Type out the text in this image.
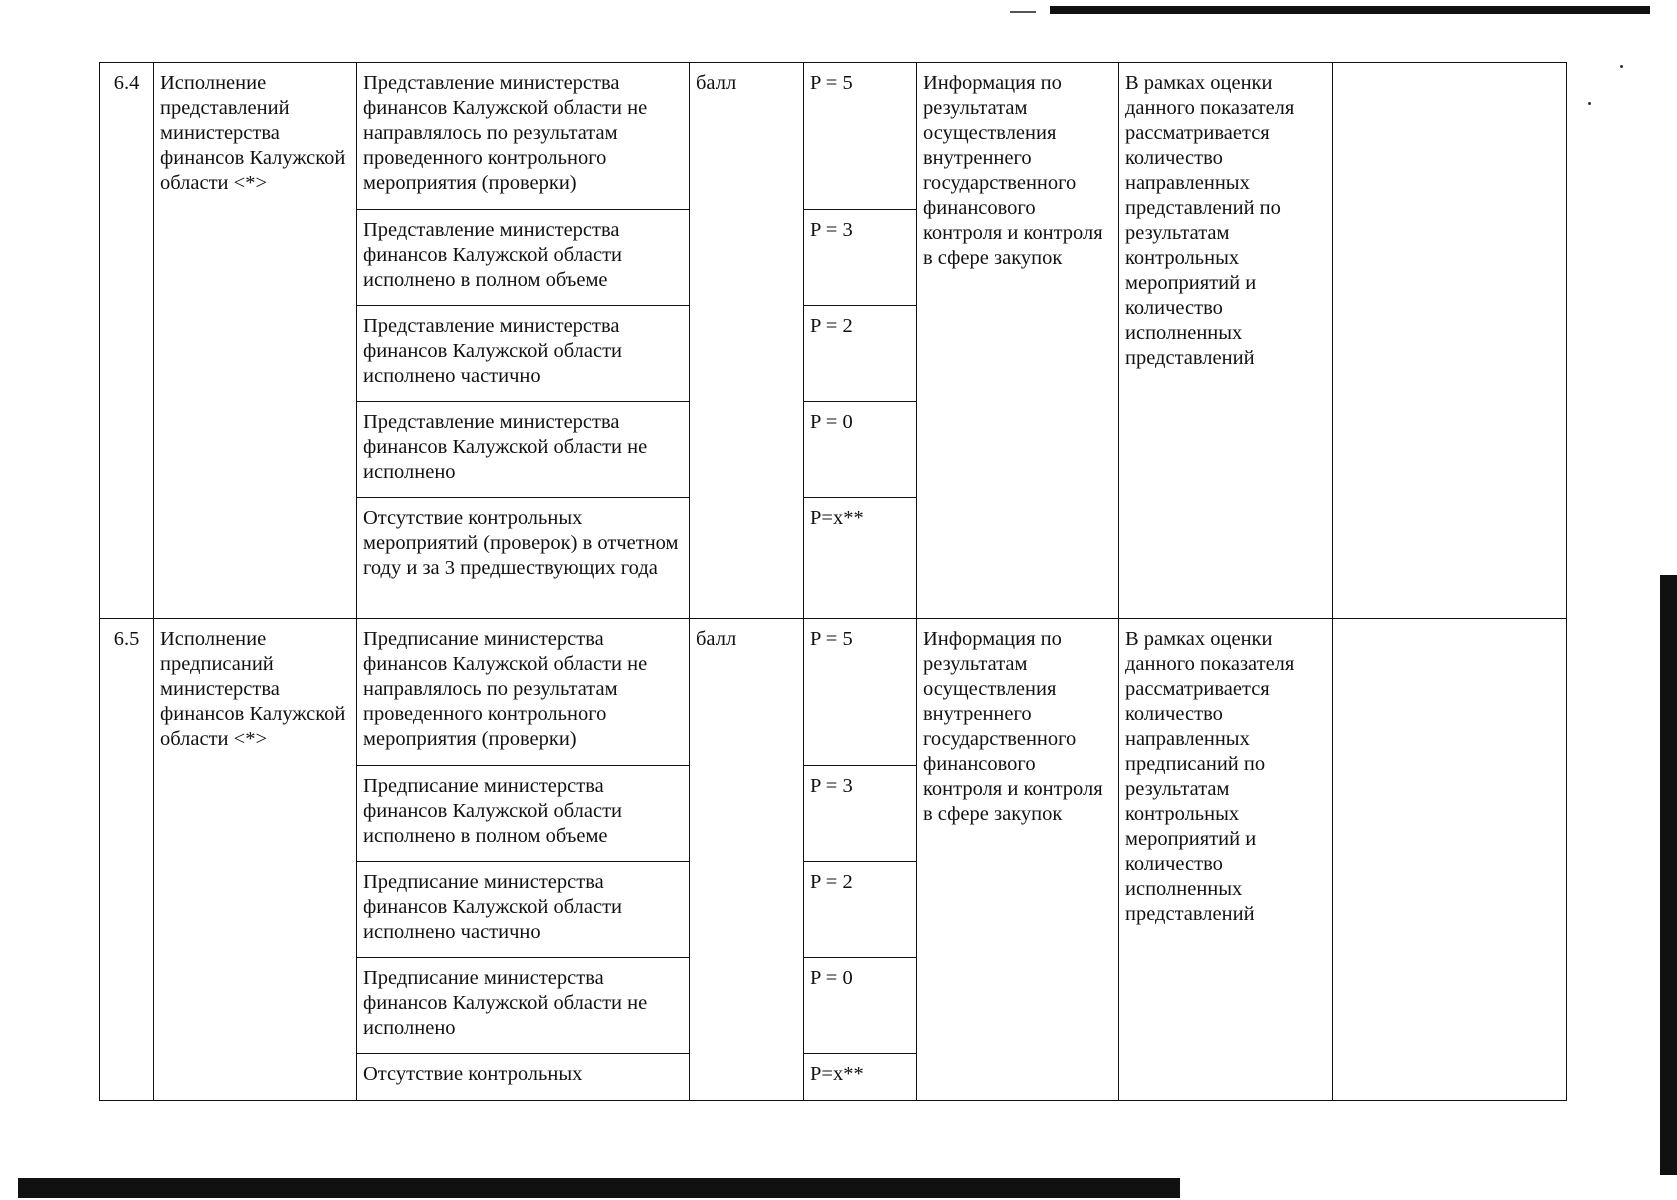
6.4	Исполнение представлений министерства финансов Калужской области <*>	Представление министерства финансов Калужской области не направлялось по результатам проведенного контрольного мероприятия (проверки)	балл	P = 5	Информация по результатам осуществления внутреннего государственного финансового контроля и контроля в сфере закупок	В рамках оценки данного показателя рассматривается количество направленных представлений по результатам контрольных мероприятий и количество исполненных представлений	
		Представление министерства финансов Калужской области исполнено в полном объеме		P = 3			
		Представление министерства финансов Калужской области исполнено частично		P = 2			
		Представление министерства финансов Калужской области не исполнено		P = 0			
		Отсутствие контрольных мероприятий (проверок) в отчетном году и за 3 предшествующих года		P=x**			
6.5	Исполнение предписаний министерства финансов Калужской области <*>	Предписание министерства финансов Калужской области не направлялось по результатам проведенного контрольного мероприятия (проверки)	балл	P = 5	Информация по результатам осуществления внутреннего государственного финансового контроля и контроля в сфере закупок	В рамках оценки данного показателя рассматривается количество направленных предписаний по результатам контрольных мероприятий и количество исполненных представлений	
		Предписание министерства финансов Калужской области исполнено в полном объеме		P = 3			
		Предписание министерства финансов Калужской области исполнено частично		P = 2			
		Предписание министерства финансов Калужской области не исполнено		P = 0			
		Отсутствие контрольных		P=x**			
